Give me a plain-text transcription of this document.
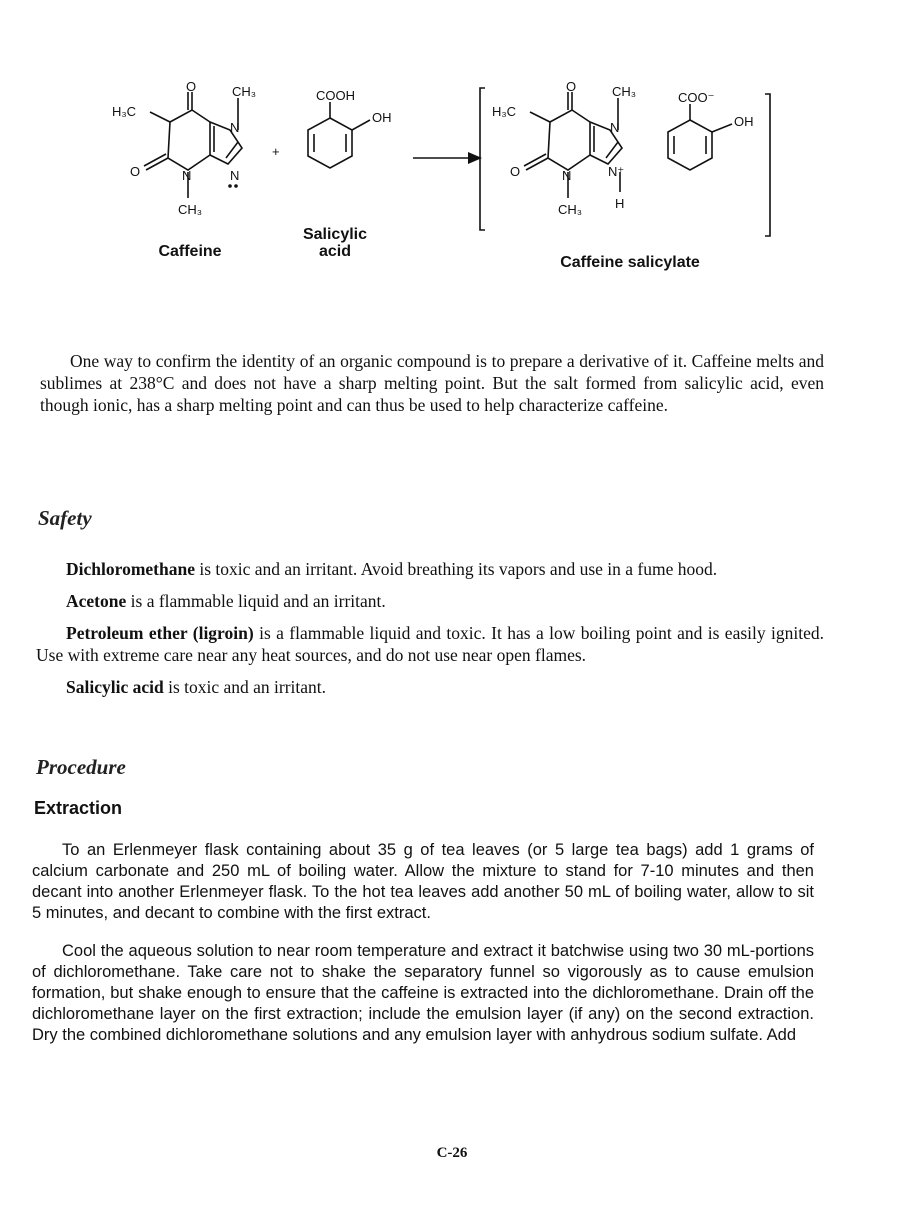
O	CH₃
H₃C
N
O	N	N
CH₃
+
COOH
OH
O	CH₃
H₃C
N
O	N	N⁺
CH₃	H
COO⁻
OH
Caffeine
Salicylic
acid
Caffeine salicylate

One way to confirm the identity of an organic compound is to prepare a derivative of it. Caffeine melts and sublimes at 238°C and does not have a sharp melting point. But the salt formed from salicylic acid, even though ionic, has a sharp melting point and can thus be used to help characterize caffeine.

Safety

Dichloromethane is toxic and an irritant. Avoid breathing its vapors and use in a fume hood.

Acetone is a flammable liquid and an irritant.

Petroleum ether (ligroin) is a flammable liquid and toxic. It has a low boiling point and is easily ignited. Use with extreme care near any heat sources, and do not use near open flames.

Salicylic acid is toxic and an irritant.

Procedure
Extraction

To an Erlenmeyer flask containing about 35 g of tea leaves (or 5 large tea bags) add 1 grams of calcium carbonate and 250 mL of boiling water. Allow the mixture to stand for 7-10 minutes and then decant into another Erlenmeyer flask. To the hot tea leaves add another 50 mL of boiling water, allow to sit 5 minutes, and decant to combine with the first extract.

Cool the aqueous solution to near room temperature and extract it batchwise using two 30 mL-portions of dichloromethane. Take care not to shake the separatory funnel so vigorously as to cause emulsion formation, but shake enough to ensure that the caffeine is extracted into the dichloromethane. Drain off the dichloromethane layer on the first extraction; include the emulsion layer (if any) on the second extraction. Dry the combined dichloromethane solutions and any emulsion layer with anhydrous sodium sulfate. Add

C-26
